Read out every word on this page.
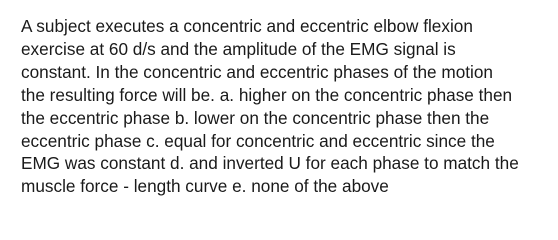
A subject executes a concentric and eccentric elbow flexion
exercise at 60 d/s and the amplitude of the EMG signal is
constant. In the concentric and eccentric phases of the motion
the resulting force will be. a. higher on the concentric phase then
the eccentric phase b. lower on the concentric phase then the
eccentric phase c. equal for concentric and eccentric since the
EMG was constant d. and inverted U for each phase to match the
muscle force - length curve e. none of the above
